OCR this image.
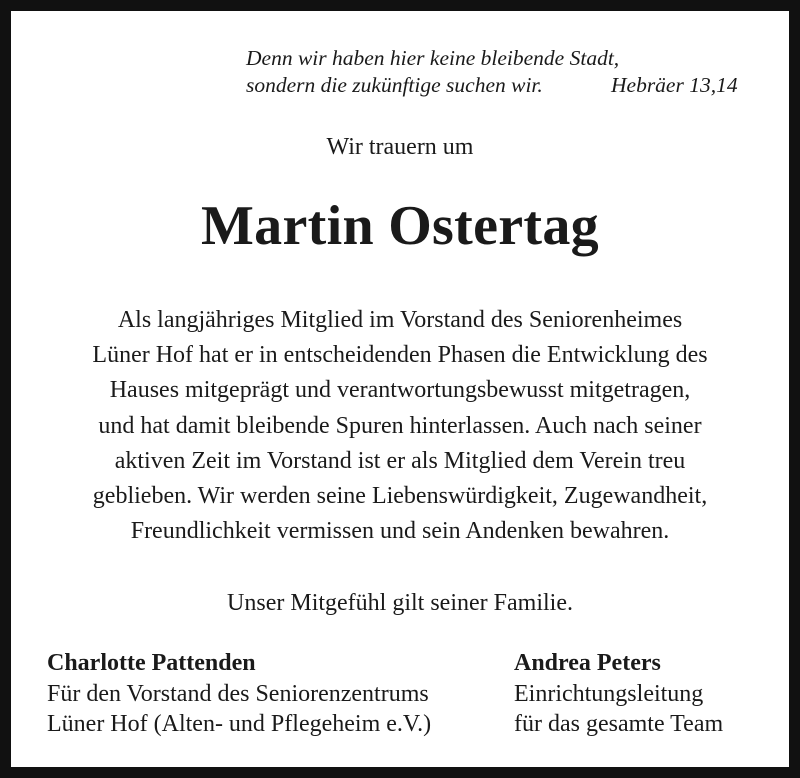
Denn wir haben hier keine bleibende Stadt,
sondern die zukünftige suchen wir.	Hebräer 13,14
Wir trauern um
Martin Ostertag
Als langjähriges Mitglied im Vorstand des Seniorenheimes
Lüner Hof hat er in entscheidenden Phasen die Entwicklung des
Hauses mitgeprägt und verantwortungsbewusst mitgetragen,
und hat damit bleibende Spuren hinterlassen. Auch nach seiner
aktiven Zeit im Vorstand ist er als Mitglied dem Verein treu
geblieben. Wir werden seine Liebenswürdigkeit, Zugewandheit,
Freundlichkeit vermissen und sein Andenken bewahren.
Unser Mitgefühl gilt seiner Familie.
Charlotte Pattenden
Für den Vorstand des Seniorenzentrums
Lüner Hof (Alten- und Pflegeheim e.V.)
Andrea Peters
Einrichtungsleitung
für das gesamte Team
